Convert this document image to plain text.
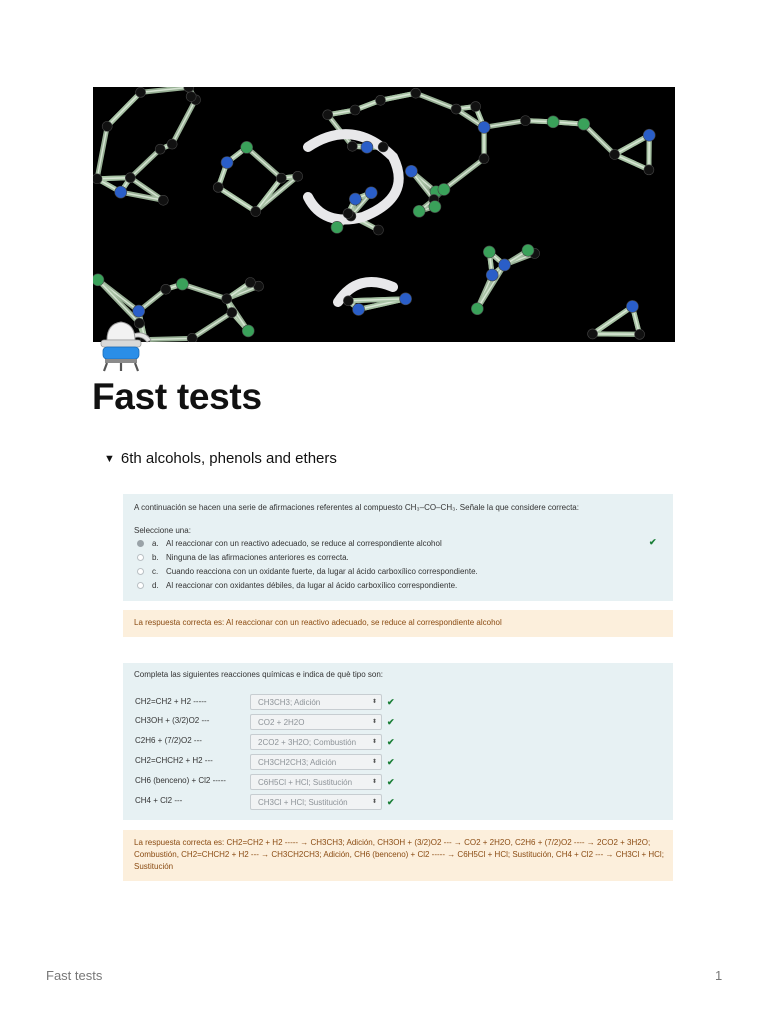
Fast tests
▼ 6th alcohols, phenols and ethers
A continuación se hacen una serie de afirmaciones referentes al compuesto CH₃–CO–CH₃. Señale la que considere correcta:
Seleccione una:
a. Al reaccionar con un reactivo adecuado, se reduce al correspondiente alcohol	✔
b. Ninguna de las afirmaciones anteriores es correcta.
c. Cuando reacciona con un oxidante fuerte, da lugar al ácido carboxílico correspondiente.
d. Al reaccionar con oxidantes débiles, da lugar al ácido carboxílico correspondiente.
La respuesta correcta es: Al reaccionar con un reactivo adecuado, se reduce al correspondiente alcohol
Completa las siguientes reacciones químicas e indica de què tipo son:
CH2=CH2 + H2 -----	CH3CH3; Adición	⬍ ✔
CH3OH + (3/2)O2 ---	CO2 + 2H2O	⬍ ✔
C2H6 + (7/2)O2 ---	2CO2 + 3H2O; Combustión	⬍ ✔
CH2=CHCH2 + H2 ---	CH3CH2CH3; Adición	⬍ ✔
CH6 (benceno) + Cl2 -----	C6H5Cl + HCl; Sustitución	⬍ ✔
CH4 + Cl2 ---	CH3Cl + HCl; Sustitución	⬍ ✔
La respuesta correcta es: CH2=CH2 + H2 ----- → CH3CH3; Adición, CH3OH + (3/2)O2 --- → CO2 + 2H2O, C2H6 + (7/2)O2 ---- → 2CO2 + 3H2O; Combustión, CH2=CHCH2 + H2 --- → CH3CH2CH3; Adición, CH6 (benceno) + Cl2 ----- → C6H5Cl + HCl; Sustitución, CH4 + Cl2 --- → CH3Cl + HCl; Sustitución
Fast tests	1
